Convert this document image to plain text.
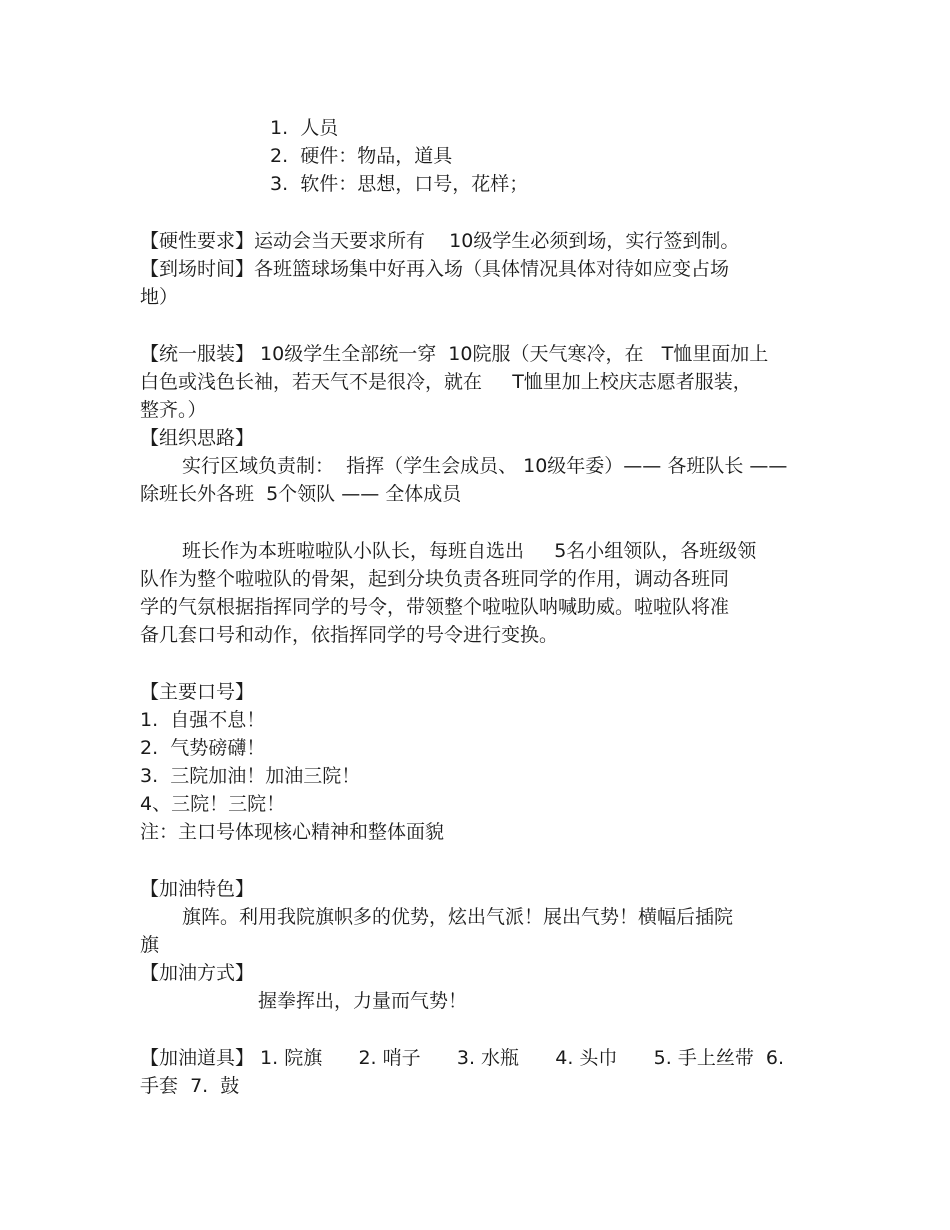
1.  人员
2.  硬件：物品，道具
3.  软件：思想，口号，花样；
【硬性要求】运动会当天要求所有    10级学生必须到场，实行签到制。
【到场时间】各班篮球场集中好再入场（具体情况具体对待如应变占场
地）
【统一服装】 10级学生全部统一穿  10院服（天气寒冷，在   T恤里面加上
白色或浅色长袖，若天气不是很冷，就在     T恤里加上校庆志愿者服装，
整齐。）
【组织思路】
实行区域负责制：  指挥（学生会成员、 10级年委）—— 各班队长 ——
除班长外各班  5个领队 —— 全体成员
班长作为本班啦啦队小队长，每班自选出     5名小组领队，各班级领
队作为整个啦啦队的骨架，起到分块负责各班同学的作用，调动各班同
学的气氛根据指挥同学的号令，带领整个啦啦队呐喊助威。啦啦队将准
备几套口号和动作，依指挥同学的号令进行变换。
【主要口号】
1.  自强不息！
2.  气势磅礴！
3.  三院加油！加油三院！
4、三院！三院！
注：主口号体现核心精神和整体面貌
【加油特色】
旗阵。利用我院旗帜多的优势，炫出气派！展出气势！横幅后插院
旗
【加油方式】
握拳挥出，力量而气势！
【加油道具】 1. 院旗      2. 哨子      3. 水瓶      4. 头巾      5. 手上丝带  6.
手套  7.  鼓
